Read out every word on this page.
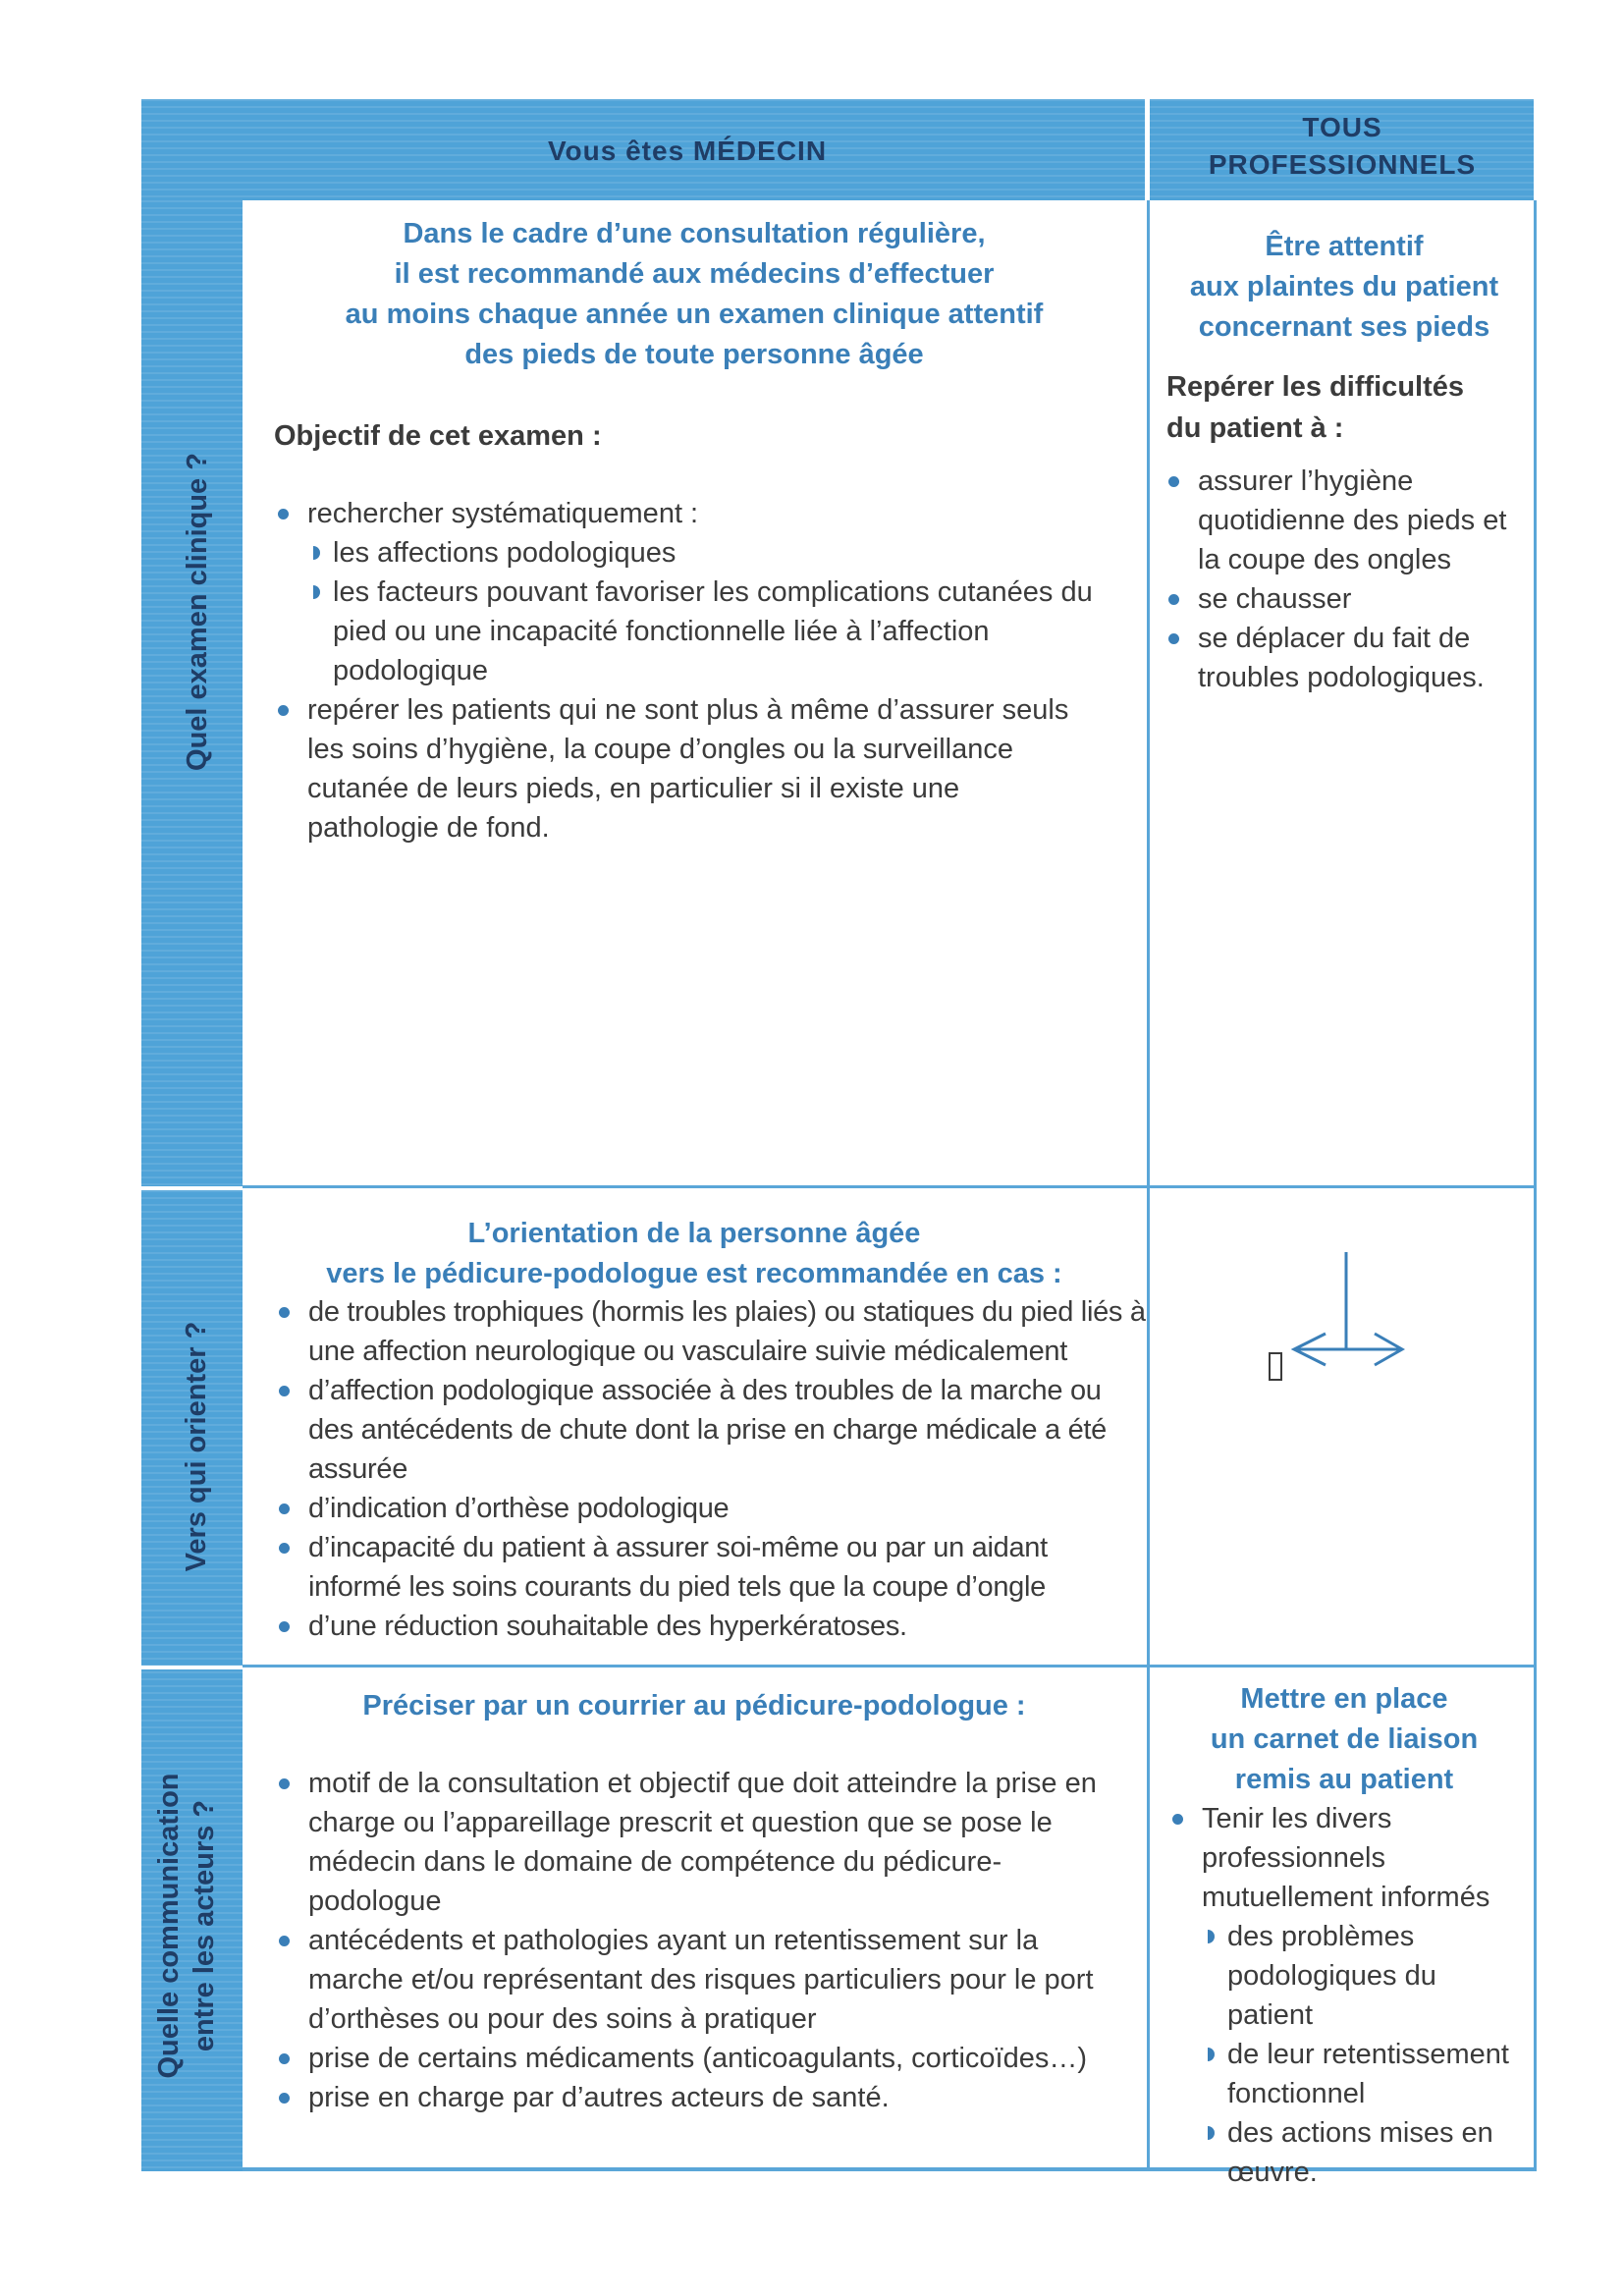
Vous êtes MÉDECIN
TOUS
PROFESSIONNELS
Quel examen clinique ?
Vers qui orienter ?
Quelle communication entre les acteurs ?
Dans le cadre d’une consultation régulière,
il est recommandé aux médecins d’effectuer
au moins chaque année un examen clinique attentif
des pieds de toute personne âgée
Objectif de cet examen :
rechercher systématiquement :
les affections podologiques
les facteurs pouvant favoriser les complications cutanées du pied ou une incapacité fonctionnelle liée à l’affection podologique
repérer les patients qui ne sont plus à même d’assurer seuls les soins d’hygiène, la coupe d’ongles ou la surveillance cutanée de leurs pieds, en particulier si il existe une pathologie de fond.
Être attentif
aux plaintes du patient
concernant ses pieds
Repérer les difficultés
du patient à :
assurer l’hygiène quotidienne des pieds et la coupe des ongles
se chausser
se déplacer du fait de troubles podologiques.
L’orientation de la personne âgée
vers le pédicure-podologue est recommandée en cas :
de troubles trophiques (hormis les plaies) ou statiques du pied liés à une affection neurologique ou vasculaire suivie médicalement
d’affection podologique associée à des troubles de la marche ou des antécédents de chute dont la prise en charge médicale a été assurée
d’indication d’orthèse podologique
d’incapacité du patient à assurer soi-même ou par un aidant informé les soins courants du pied tels que la coupe d’ongle
d’une réduction souhaitable des hyperkératoses.
Préciser par un courrier au pédicure-podologue :
motif de la consultation et objectif que doit atteindre la prise en charge ou l’appareillage prescrit et question que se pose le médecin dans le domaine de compétence du pédicure-podologue
antécédents et pathologies ayant un retentissement sur la marche et/ou représentant des risques particuliers pour le port d’orthèses ou pour des soins à pratiquer
prise de certains médicaments (anticoagulants, corticoïdes…)
prise en charge par d’autres acteurs de santé.
Mettre en place
un carnet de liaison
remis au patient
Tenir les divers professionnels mutuellement informés
des problèmes podologiques du patient
de leur retentissement fonctionnel
des actions mises en œuvre.
